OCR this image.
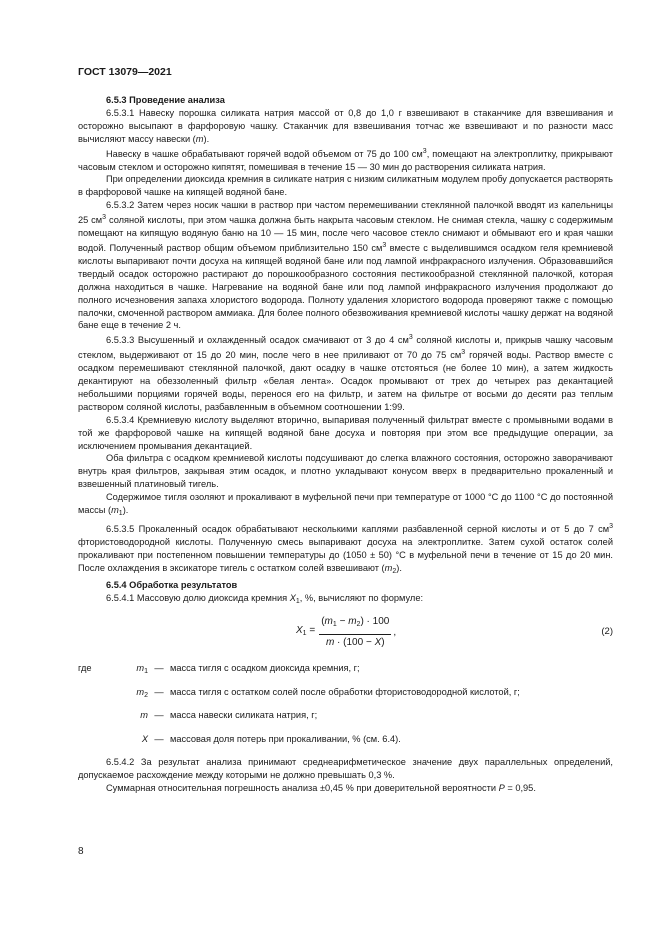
ГОСТ 13079—2021

6.5.3 Проведение анализа

6.5.3.1 Навеску порошка силиката натрия массой от 0,8 до 1,0 г взвешивают в стаканчике для взвешивания и осторожно высыпают в фарфоровую чашку. Стаканчик для взвешивания тотчас же взвешивают и по разности масс вычисляют массу навески (m).

Навеску в чашке обрабатывают горячей водой объемом от 75 до 100 $см^3$, помещают на электроплитку, прикрывают часовым стеклом и осторожно кипятят, помешивая в течение 15 — 30 мин до растворения силиката натрия.

При определении диоксида кремния в силикате натрия с низким силикатным модулем пробу допускается растворять в фарфоровой чашке на кипящей водяной бане.

6.5.3.2 Затем через носик чашки в раствор при частом перемешивании стеклянной палочкой вводят из капельницы 25 $см^3$ соляной кислоты, при этом чашка должна быть накрыта часовым стеклом. Не снимая стекла, чашку с содержимым помещают на кипящую водяную баню на 10 — 15 мин, после чего часовое стекло снимают и обмывают его и края чашки водой. Полученный раствор общим объемом приблизительно 150 $см^3$ вместе с выделившимся осадком геля кремниевой кислоты выпаривают почти досуха на кипящей водяной бане или под лампой инфракрасного излучения. Образовавшийся твердый осадок осторожно растирают до порошкообразного состояния пестикообразной стеклянной палочкой, которая должна находиться в чашке. Нагревание на водяной бане или под лампой инфракрасного излучения продолжают до полного исчезновения запаха хлористого водорода. Полноту удаления хлористого водорода проверяют также с помощью палочки, смоченной раствором аммиака. Для более полного обезвоживания кремниевой кислоты чашку держат на водяной бане еще в течение 2 ч.

6.5.3.3 Высушенный и охлажденный осадок смачивают от 3 до 4 $см^3$ соляной кислоты и, прикрыв чашку часовым стеклом, выдерживают от 15 до 20 мин, после чего в нее приливают от 70 до 75 $см^3$ горячей воды. Раствор вместе с осадком перемешивают стеклянной палочкой, дают осадку в чашке отстояться (не более 10 мин), а затем жидкость декантируют на обеззоленный фильтр «белая лента». Осадок промывают от трех до четырех раз декантацией небольшими порциями горячей воды, перенося его на фильтр, и затем на фильтре от восьми до десяти раз теплым раствором соляной кислоты, разбавленным в объемном соотношении 1:99.

6.5.3.4 Кремниевую кислоту выделяют вторично, выпаривая полученный фильтрат вместе с промывными водами в той же фарфоровой чашке на кипящей водяной бане досуха и повторяя при этом все предыдущие операции, за исключением промывания декантацией.

Оба фильтра с осадком кремниевой кислоты подсушивают до слегка влажного состояния, осторожно заворачивают внутрь края фильтров, закрывая этим осадок, и плотно укладывают конусом вверх в предварительно прокаленный и взвешенный платиновый тигель.

Содержимое тигля озоляют и прокаливают в муфельной печи при температуре от 1000 °С до 1100 °С до постоянной массы $(m_1)$.

6.5.3.5 Прокаленный осадок обрабатывают несколькими каплями разбавленной серной кислоты и от 5 до 7 $см^3$ фтористоводородной кислоты. Полученную смесь выпаривают досуха на электроплитке. Затем сухой остаток солей прокаливают при постепенном повышении температуры до (1050 ± 50) °С в муфельной печи в течение от 15 до 20 мин. После охлаждения в эксикаторе тигель с остатком солей взвешивают $(m_2)$.

6.5.4 Обработка результатов

6.5.4.1 Массовую долю диоксида кремния $X_1$, %, вычисляют по формуле:

$X_1 = \frac{(m_1 - m_2) \cdot 100}{m \cdot (100 - X)}$ ,	(2)
где	$m_1$ — масса тигля с осадком диоксида кремния, г;
$m_2$ — масса тигля с остатком солей после обработки фтористоводородной кислотой, г;
m — масса навески силиката натрия, г;
X — массовая доля потерь при прокаливании, % (см. 6.4).

6.5.4.2 За результат анализа принимают среднеарифметическое значение двух параллельных определений, допускаемое расхождение между которыми не должно превышать 0,3 %.

Суммарная относительная погрешность анализа ±0,45 % при доверительной вероятности P = 0,95.

8
